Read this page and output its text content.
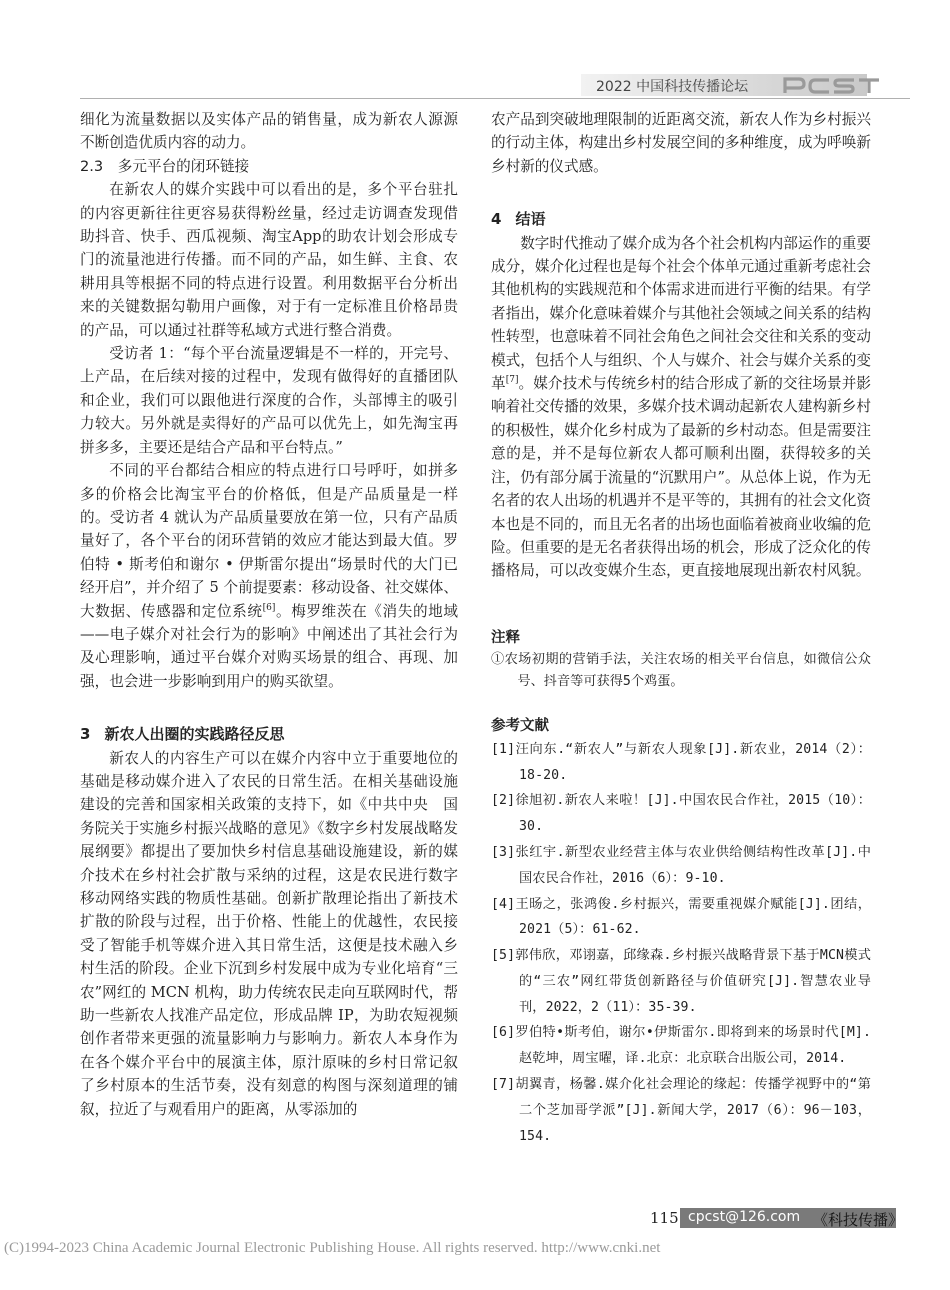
2022 中国科技传播论坛

细化为流量数据以及实体产品的销售量，成为新农人源源不断创造优质内容的动力。

2.3　多元平台的闭环链接

在新农人的媒介实践中可以看出的是，多个平台驻扎的内容更新往往更容易获得粉丝量，经过走访调查发现借助抖音、快手、西瓜视频、淘宝App的助农计划会形成专门的流量池进行传播。而不同的产品，如生鲜、主食、农耕用具等根据不同的特点进行设置。利用数据平台分析出来的关键数据勾勒用户画像，对于有一定标准且价格昂贵的产品，可以通过社群等私域方式进行整合消费。

受访者 1：“每个平台流量逻辑是不一样的，开完号、上产品，在后续对接的过程中，发现有做得好的直播团队和企业，我们可以跟他进行深度的合作，头部博主的吸引力较大。另外就是卖得好的产品可以优先上，如先淘宝再拼多多，主要还是结合产品和平台特点。”

不同的平台都结合相应的特点进行口号呼吁，如拼多多的价格会比淘宝平台的价格低，但是产品质量是一样的。受访者 4 就认为产品质量要放在第一位，只有产品质量好了，各个平台的闭环营销的效应才能达到最大值。罗伯特 • 斯考伯和谢尔 • 伊斯雷尔提出“场景时代的大门已经开启”，并介绍了 5 个前提要素：移动设备、社交媒体、大数据、传感器和定位系统[6]。梅罗维茨在《消失的地域——电子媒介对社会行为的影响》中阐述出了其社会行为及心理影响，通过平台媒介对购买场景的组合、再现、加强，也会进一步影响到用户的购买欲望。

3 新农人出圈的实践路径反思

新农人的内容生产可以在媒介内容中立于重要地位的基础是移动媒介进入了农民的日常生活。在相关基础设施建设的完善和国家相关政策的支持下，如《中共中央　国务院关于实施乡村振兴战略的意见》《数字乡村发展战略发展纲要》都提出了要加快乡村信息基础设施建设，新的媒介技术在乡村社会扩散与采纳的过程，这是农民进行数字移动网络实践的物质性基础。创新扩散理论指出了新技术扩散的阶段与过程，出于价格、性能上的优越性，农民接受了智能手机等媒介进入其日常生活，这便是技术融入乡村生活的阶段。企业下沉到乡村发展中成为专业化培育“三农”网红的 MCN 机构，助力传统农民走向互联网时代，帮助一些新农人找准产品定位，形成品牌 IP，为助农短视频创作者带来更强的流量影响力与影响力。新农人本身作为在各个媒介平台中的展演主体，原汁原味的乡村日常记叙了乡村原本的生活节奏，没有刻意的构图与深刻道理的铺叙，拉近了与观看用户的距离，从零添加的

农产品到突破地理限制的近距离交流，新农人作为乡村振兴的行动主体，构建出乡村发展空间的多种维度，成为呼唤新乡村新的仪式感。

4 结语

数字时代推动了媒介成为各个社会机构内部运作的重要成分，媒介化过程也是每个社会个体单元通过重新考虑社会其他机构的实践规范和个体需求进而进行平衡的结果。有学者指出，媒介化意味着媒介与其他社会领域之间关系的结构性转型，也意味着不同社会角色之间社会交往和关系的变动模式，包括个人与组织、个人与媒介、社会与媒介关系的变革[7]。媒介技术与传统乡村的结合形成了新的交往场景并影响着社交传播的效果，多媒介技术调动起新农人建构新乡村的积极性，媒介化乡村成为了最新的乡村动态。但是需要注意的是，并不是每位新农人都可顺利出圈，获得较多的关注，仍有部分属于流量的“沉默用户”。从总体上说，作为无名者的农人出场的机遇并不是平等的，其拥有的社会文化资本也是不同的，而且无名者的出场也面临着被商业收编的危险。但重要的是无名者获得出场的机会，形成了泛众化的传播格局，可以改变媒介生态，更直接地展现出新农村风貌。

注释

①农场初期的营销手法，关注农场的相关平台信息，如微信公众号、抖音等可获得5个鸡蛋。

参考文献

[1]汪向东.“新农人”与新农人现象[J].新农业，2014（2）：18-20.

[2]徐旭初.新农人来啦！[J].中国农民合作社，2015（10）：30.

[3]张红宇.新型农业经营主体与农业供给侧结构性改革[J].中国农民合作社，2016（6）：9-10.

[4]王旸之，张鸿俊.乡村振兴，需要重视媒介赋能[J].团结，2021（5）：61-62.

[5]郭伟欣，邓诩嘉，邱缘森.乡村振兴战略背景下基于MCN模式的“三农”网红带货创新路径与价值研究[J].智慧农业导刊，2022，2（11）：35-39.

[6]罗伯特•斯考伯，谢尔•伊斯雷尔.即将到来的场景时代[M].赵乾坤，周宝曜，译.北京：北京联合出版公司，2014.

[7]胡翼青，杨馨.媒介化社会理论的缘起：传播学视野中的“第二个芝加哥学派”[J].新闻大学，2017（6）：96－103，154.

115 cpcst@126.com 《科技传播》
(C)1994-2023 China Academic Journal Electronic Publishing House. All rights reserved. http://www.cnki.net
